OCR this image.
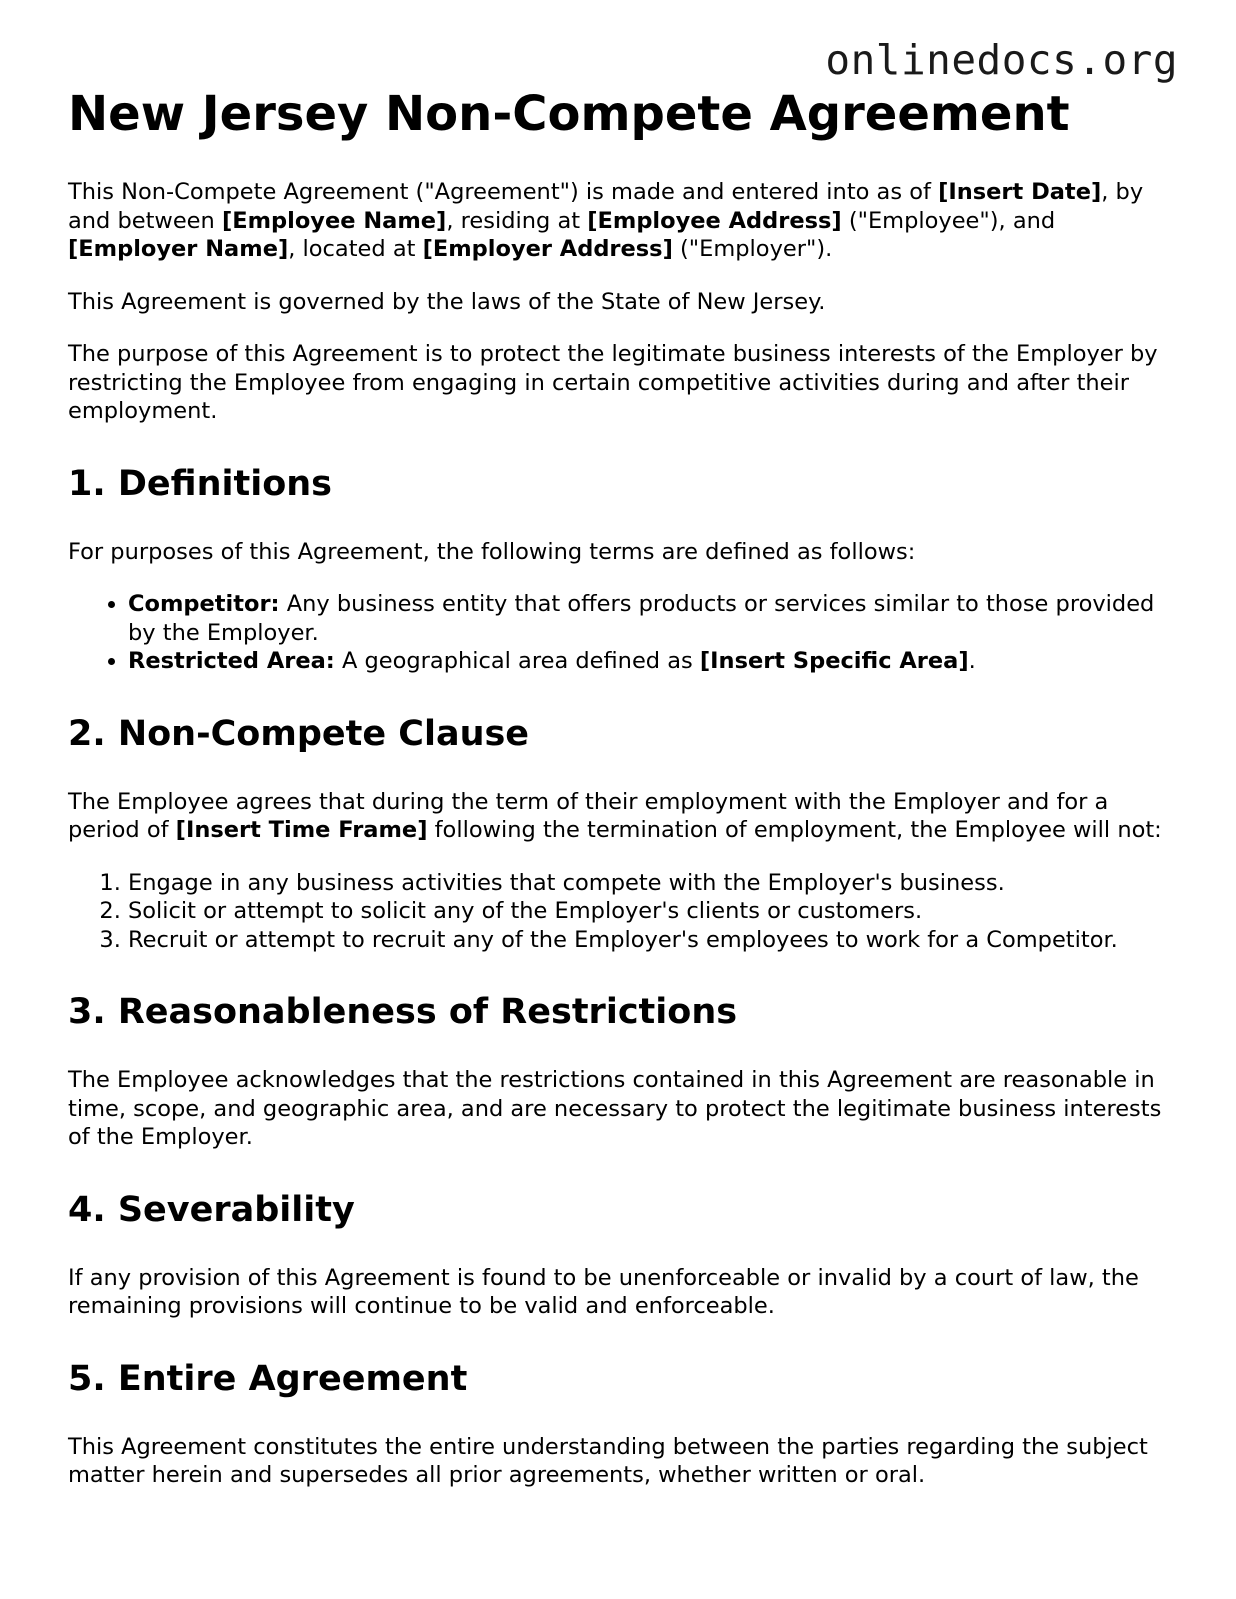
onlinedocs.org
New Jersey Non-Compete Agreement

This Non-Compete Agreement ("Agreement") is made and entered into as of [Insert Date], by and between [Employee Name], residing at [Employee Address] ("Employee"), and [Employer Name], located at [Employer Address] ("Employer").

This Agreement is governed by the laws of the State of New Jersey.

The purpose of this Agreement is to protect the legitimate business interests of the Employer by restricting the Employee from engaging in certain competitive activities during and after their employment.

1. Definitions

For purposes of this Agreement, the following terms are defined as follows:

• Competitor: Any business entity that offers products or services similar to those provided by the Employer.
• Restricted Area: A geographical area defined as [Insert Specific Area].
2. Non-Compete Clause

The Employee agrees that during the term of their employment with the Employer and for a period of [Insert Time Frame] following the termination of employment, the Employee will not:

1. Engage in any business activities that compete with the Employer's business.
2. Solicit or attempt to solicit any of the Employer's clients or customers.
3. Recruit or attempt to recruit any of the Employer's employees to work for a Competitor.
3. Reasonableness of Restrictions

The Employee acknowledges that the restrictions contained in this Agreement are reasonable in time, scope, and geographic area, and are necessary to protect the legitimate business interests of the Employer.

4. Severability

If any provision of this Agreement is found to be unenforceable or invalid by a court of law, the remaining provisions will continue to be valid and enforceable.

5. Entire Agreement

This Agreement constitutes the entire understanding between the parties regarding the subject matter herein and supersedes all prior agreements, whether written or oral.
